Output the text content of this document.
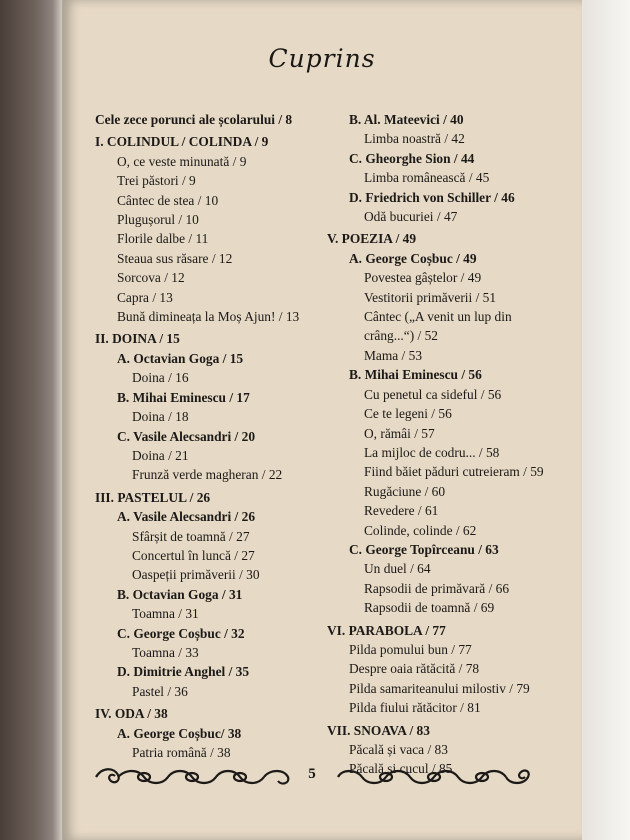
Cuprins
Cele zece porunci ale școlarului / 8
I. COLINDUL / COLINDA / 9
O, ce veste minunată / 9
Trei păstori / 9
Cântec de stea / 10
Plugușorul / 10
Florile dalbe / 11
Steaua sus răsare / 12
Sorcova / 12
Capra / 13
Bună dimineața la Moș Ajun! / 13
II. DOINA / 15
A. Octavian Goga / 15
Doina / 16
B. Mihai Eminescu / 17
Doina / 18
C. Vasile Alecsandri / 20
Doina / 21
Frunză verde magheran / 22
III. PASTELUL / 26
A. Vasile Alecsandri / 26
Sfârșit de toamnă / 27
Concertul în luncă / 27
Oaspeții primăverii / 30
B. Octavian Goga / 31
Toamna / 31
C. George Coșbuc / 32
Toamna / 33
D. Dimitrie Anghel / 35
Pastel / 36
IV. ODA / 38
A. George Coșbuc/ 38
Patria română / 38
B. Al. Mateevici / 40
Limba noastră / 42
C. Gheorghe Sion / 44
Limba românească / 45
D. Friedrich von Schiller / 46
Odă bucuriei / 47
V. POEZIA / 49
A. George Coșbuc / 49
Povestea gâștelor / 49
Vestitorii primăverii / 51
Cântec („A venit un lup din crâng...“) / 52
Mama / 53
B. Mihai Eminescu / 56
Cu penetul ca sideful / 56
Ce te legeni / 56
O, rămâi / 57
La mijloc de codru... / 58
Fiind băiet păduri cutreieram / 59
Rugăciune / 60
Revedere / 61
Colinde, colinde / 62
C. George Topîrceanu / 63
Un duel / 64
Rapsodii de primăvară / 66
Rapsodii de toamnă / 69
VI. PARABOLA / 77
Pilda pomului bun / 77
Despre oaia rătăcită / 78
Pilda samariteanului milostiv / 79
Pilda fiului rătăcitor / 81
VII. SNOAVA / 83
Păcală și vaca / 83
Păcală și cucul / 85
5
